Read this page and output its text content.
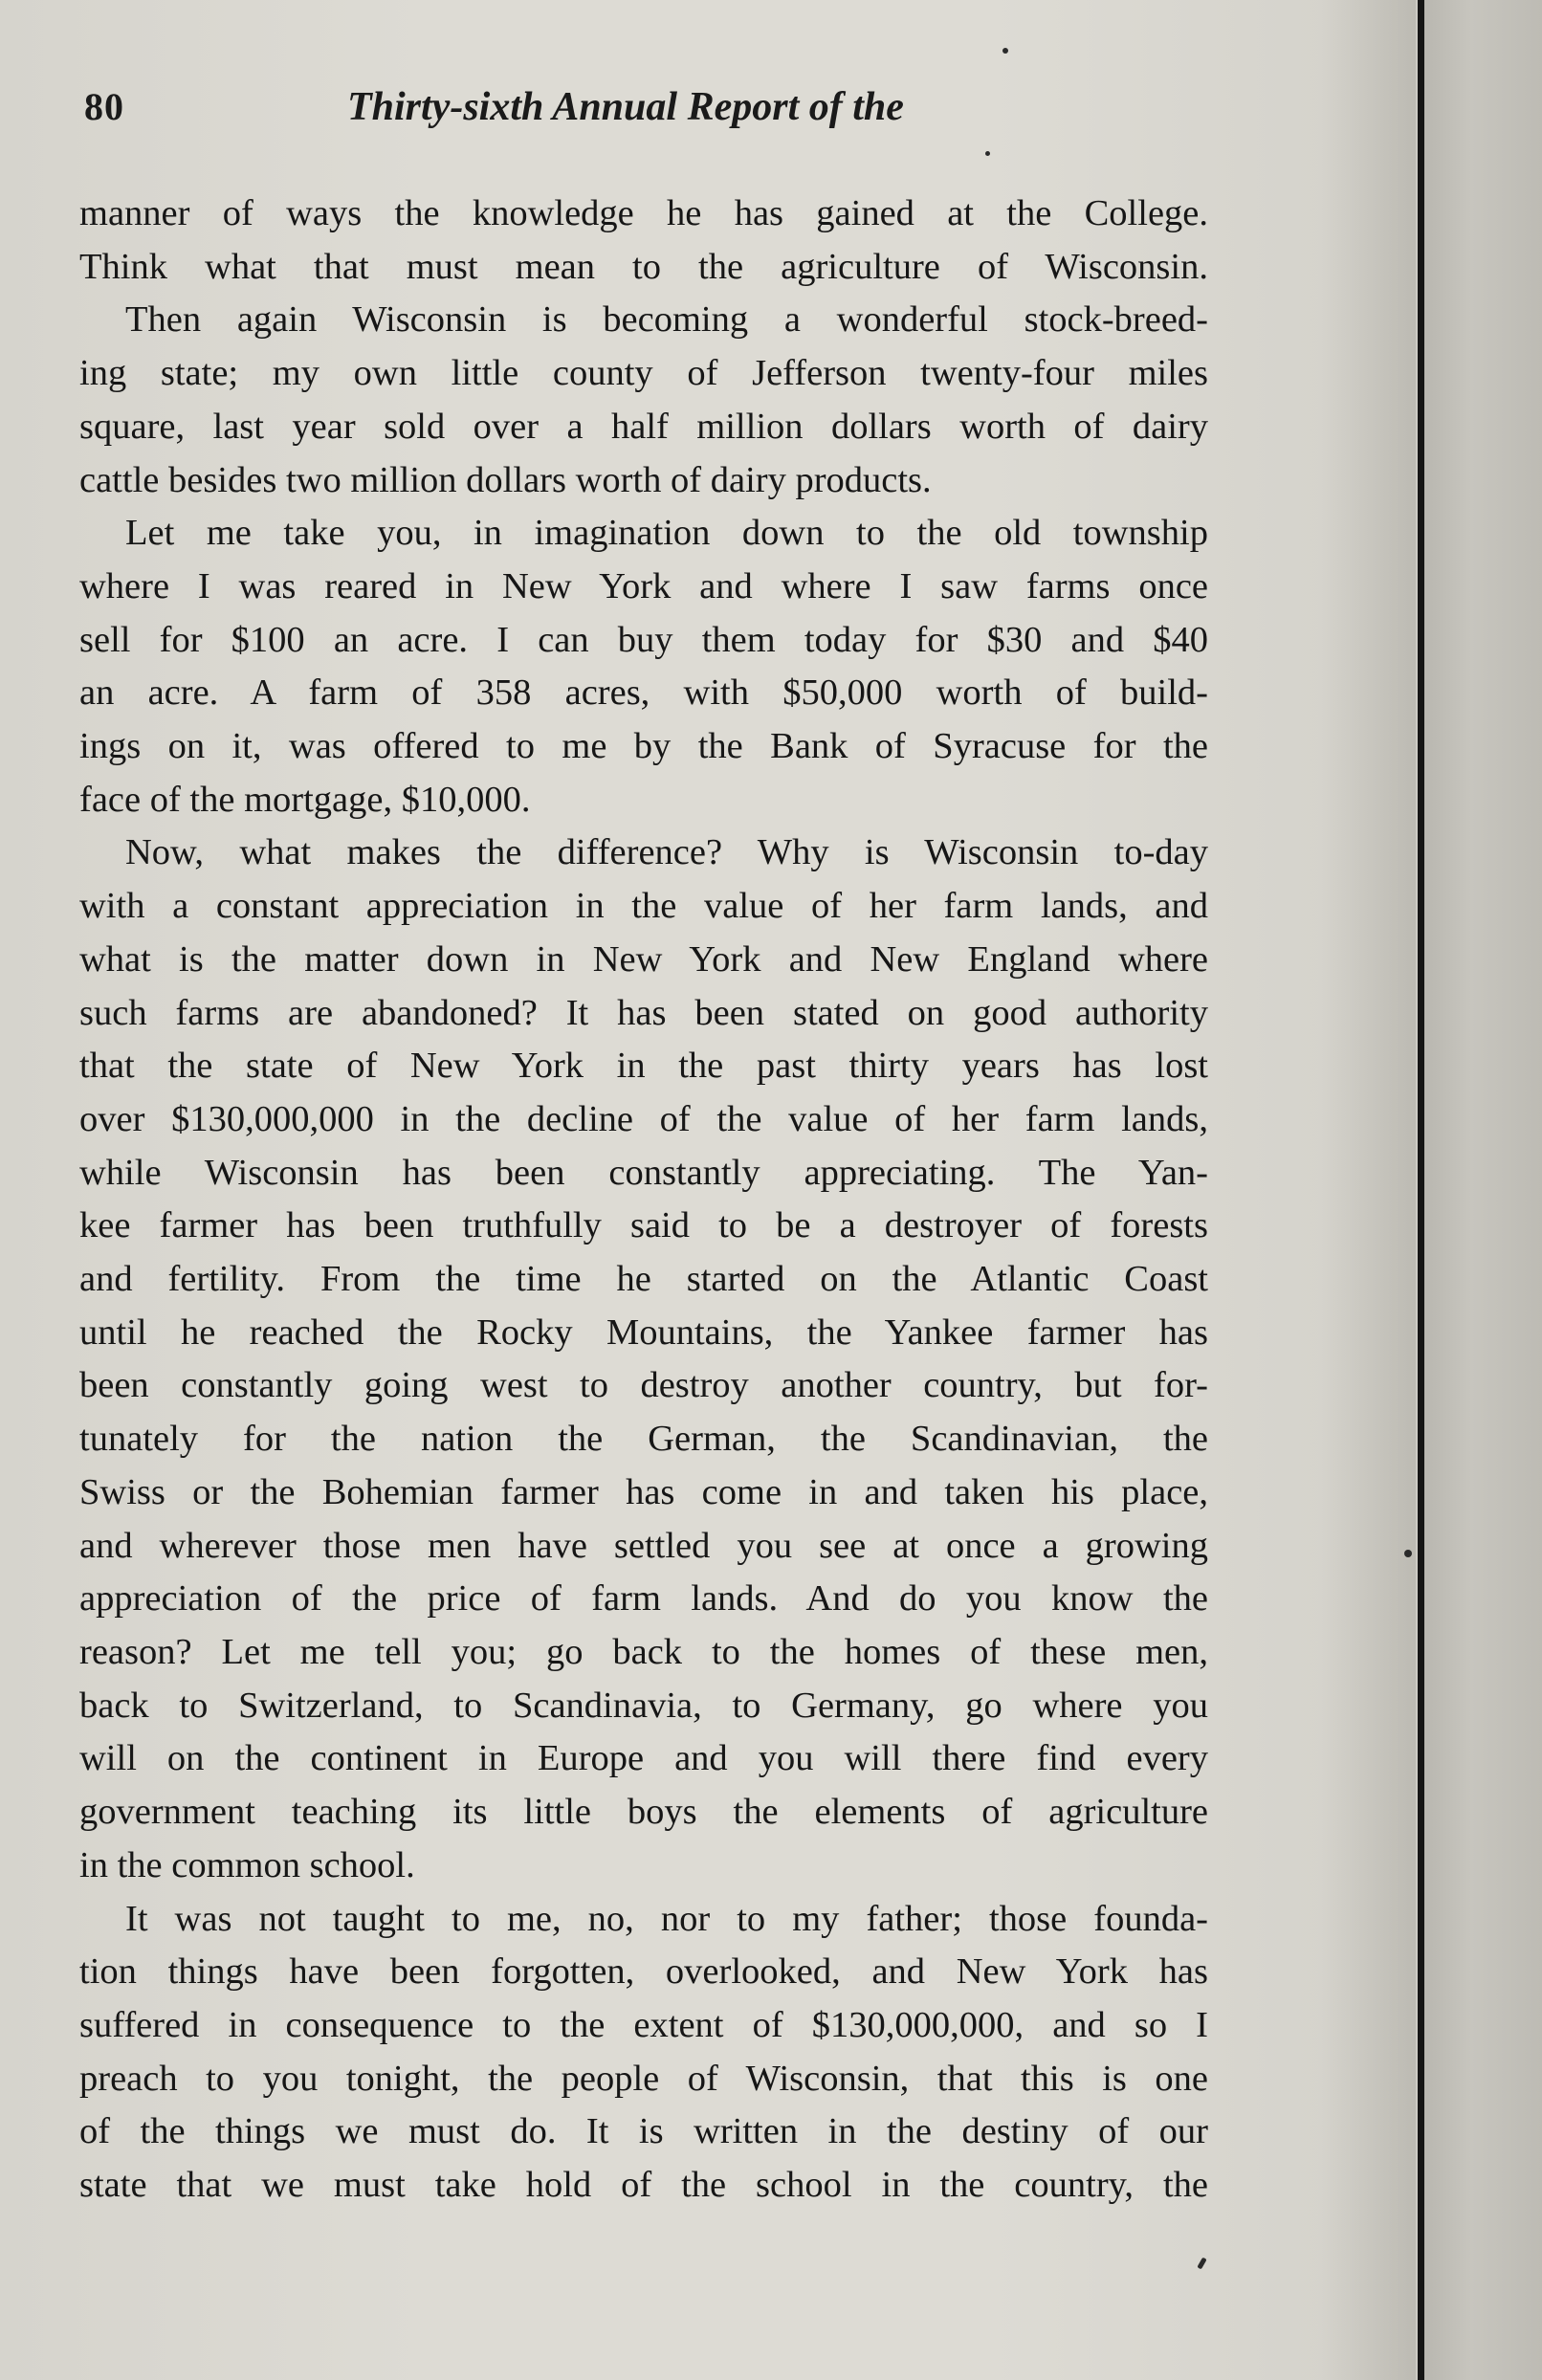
80	Thirty-sixth Annual Report of the
manner of ways the knowledge he has gained at the College.
Think what that must mean to the agriculture of Wisconsin.
Then again Wisconsin is becoming a wonderful stock-breed-
ing state; my own little county of Jefferson twenty-four miles
square, last year sold over a half million dollars worth of dairy
cattle besides two million dollars worth of dairy products.
Let me take you, in imagination down to the old township
where I was reared in New York and where I saw farms once
sell for $100 an acre. I can buy them today for $30 and $40
an acre. A farm of 358 acres, with $50,000 worth of build-
ings on it, was offered to me by the Bank of Syracuse for the
face of the mortgage, $10,000.
Now, what makes the difference? Why is Wisconsin to-day
with a constant appreciation in the value of her farm lands, and
what is the matter down in New York and New England where
such farms are abandoned? It has been stated on good authority
that the state of New York in the past thirty years has lost
over $130,000,000 in the decline of the value of her farm lands,
while Wisconsin has been constantly appreciating. The Yan-
kee farmer has been truthfully said to be a destroyer of forests
and fertility. From the time he started on the Atlantic Coast
until he reached the Rocky Mountains, the Yankee farmer has
been constantly going west to destroy another country, but for-
tunately for the nation the German, the Scandinavian, the
Swiss or the Bohemian farmer has come in and taken his place,
and wherever those men have settled you see at once a growing
appreciation of the price of farm lands. And do you know the
reason? Let me tell you; go back to the homes of these men,
back to Switzerland, to Scandinavia, to Germany, go where you
will on the continent in Europe and you will there find every
government teaching its little boys the elements of agriculture
in the common school.
It was not taught to me, no, nor to my father; those founda-
tion things have been forgotten, overlooked, and New York has
suffered in consequence to the extent of $130,000,000, and so I
preach to you tonight, the people of Wisconsin, that this is one
of the things we must do. It is written in the destiny of our
state that we must take hold of the school in the country, the
